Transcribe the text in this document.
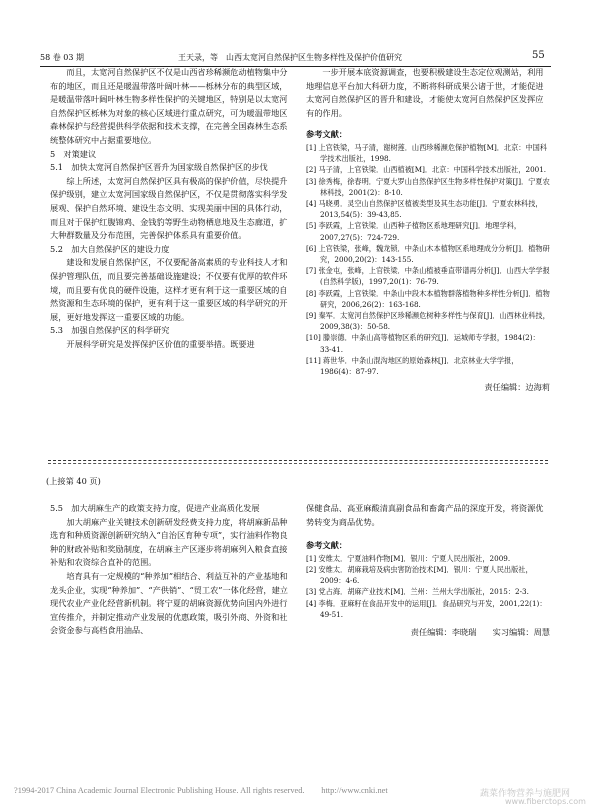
58 卷 03 期	王天录，等　山西太宽河自然保护区生物多样性及保护价值研究	55

而且，太宽河自然保护区不仅是山西省珍稀濒危动植物集中分布的地区，而且还是暖温带落叶阔叶林——栎林分布的典型区域，是暖温带落叶阔叶林生物多样性保护的关键地区，特别是以太宽河自然保护区栎林为对象的核心区域进行重点研究，可为暖温带地区森林保护与经营提供科学依据和技术支撑，在完善全国森林生态系统整体研究中占据重要地位。

5　对策建议

5.1　加快太宽河自然保护区晋升为国家级自然保护区的步伐

综上所述，太宽河自然保护区具有极高的保护价值，尽快提升保护级别，建立太宽河国家级自然保护区，不仅是贯彻落实科学发展观、保护自然环境、建设生态文明、实现美丽中国的具体行动，而且对于保护红腹锦鸡、金钱豹等野生动物栖息地及生态廊道，扩大种群数量及分布范围，完善保护体系具有重要价值。

5.2　加大自然保护区的建设力度

建设和发展自然保护区，不仅要配备高素质的专业科技人才和保护管理队伍，而且要完善基础设施建设；不仅要有优厚的软件环境，而且要有优良的硬件设施，这样才更有利于这一重要区域的自然资源和生态环境的保护，更有利于这一重要区域的科学研究的开展，更好地发挥这一重要区域的功能。

5.3　加强自然保护区的科学研究

开展科学研究是发挥保护区价值的重要举措。既要进

一步开展本底资源调查，也要积极建设生态定位观测站，利用地理信息平台加大科研力度，不断将科研成果公诸于世，才能促进太宽河自然保护区的晋升和建设，才能使太宽河自然保护区发挥应有的作用。

参考文献：

[1] 上官铁梁，马子清，谢树莲．山西珍稀濒危保护植物[M]．北京：中国科学技术出版社，1998.

[2] 马子清，上官铁梁．山西植被[M]．北京：中国科学技术出版社，2001.

[3] 徐秀梅，徐春明．宁夏大罗山自然保护区生物多样性保护对策[J]．宁夏农林科技，2001(2)：8-10.

[4] 马晓勇．灵空山自然保护区植被类型及其生态功能[J]．宁夏农林科技，2013,54(5)：39-43,85.

[5] 李跃霞，上官铁梁．山西种子植物区系地理研究[J]．地理学科，2007,27(5)：724-729.

[6] 上官铁梁，张峰，魏龙锁．中条山木本植物区系地理成分分析[J]．植物研究，2000,20(2)：143-155.

[7] 张金屯，张峰，上官铁梁．中条山植被垂直带谱再分析[J]．山西大学学报(自然科学版)，1997,20(1)：76-79.

[8] 李跃霞，上官铁梁．中条山中段木本植物群落植物种多样性分析[J]．植物研究，2006,26(2)：163-168.

[9] 秦军．太宽河自然保护区珍稀濒危树种多样性与保育[J]．山西林业科技，2009,38(3)：50-58.

[10] 滕崇德．中条山高等植物区系的研究[J]．运城师专学报，1984(2)：33-41.

[11] 蒋世华．中条山混沟地区的原始森林[J]．北京林业大学学报，1986(4)：87-97.

责任编辑：边海莉
(上接第 40 页)

5.5　加大胡麻生产的政策支持力度，促进产业高质化发展

加大胡麻产业关键技术创新研发经费支持力度，将胡麻新品种选育和种质资源创新研究纳入“自治区育种专项”，实行油料作物良种的财政补贴和奖励制度，在胡麻主产区逐步将胡麻列入粮食直接补贴和农资综合直补的范围。

培育具有一定规模的“种养加”相结合、利益互补的产业基地和龙头企业，实现“种养加”、“产供销”、“贸工农”一体化经营，建立现代农业产业化经营新机制。将宁夏的胡麻资源优势向国内外进行宣传推介，并制定推动产业发展的优惠政策，吸引外商、外资和社会资金参与高档食用油品、

保健食品、高亚麻酸清真副食品和畜禽产品的深度开发，将资源优势转变为商品优势。

参考文献：

[1] 安维太．宁夏油料作物[M]．银川：宁夏人民出版社，2009.

[2] 安维太．胡麻栽培及病虫害防治技术[M]．银川：宁夏人民出版社，2009：4-6.

[3] 党占海．胡麻产业技术[M]．兰州：兰州大学出版社，2015：2-3.

[4] 李梅．亚麻籽在食品开发中的运用[J]．食品研究与开发，2001,22(1)：49-51.

责任编辑：李晓瑞　　实习编辑：周慧
?1994-2017 China Academic Journal Electronic Publishing House. All rights reserved.　　http://www.cnki.net	蔬菜作物营养与施肥网
www.fiberctops.com
